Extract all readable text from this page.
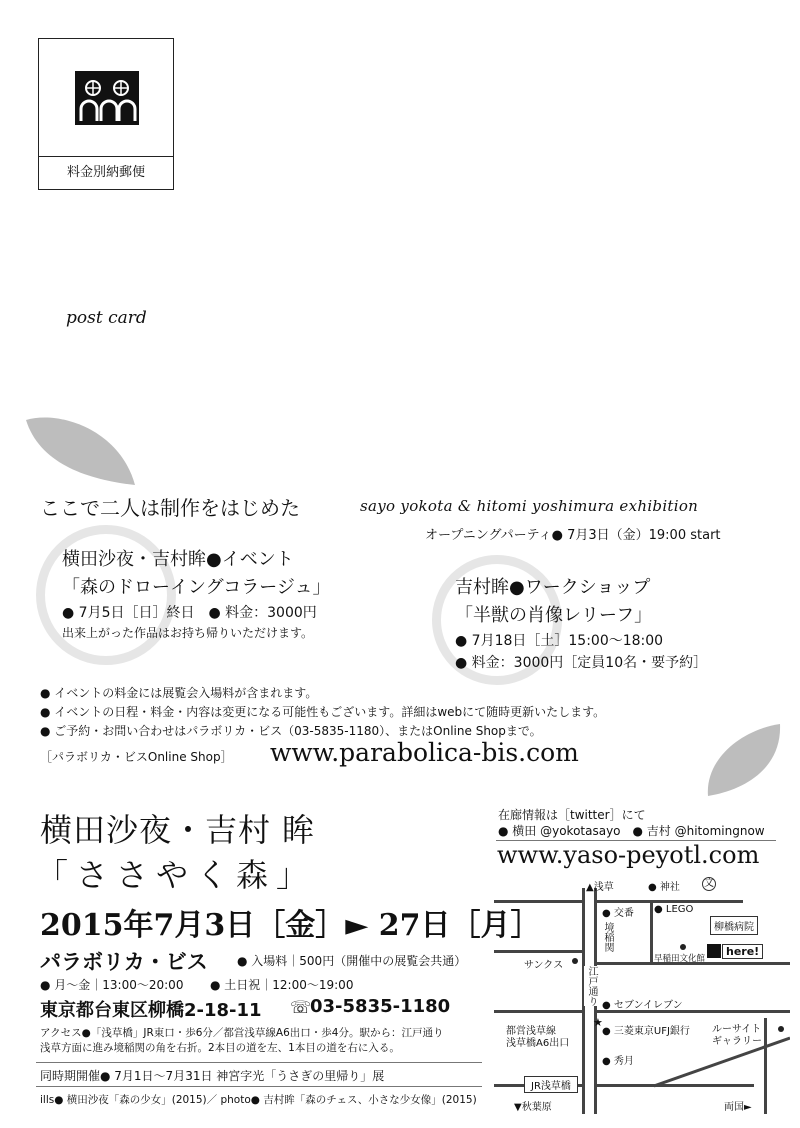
料金別納郵便
post card
ここで二人は制作をはじめた	sayo yokota & hitomi yoshimura exhibition
オープニングパーティ● 7月3日（金）19:00 start
横田沙夜・吉村眸●イベント
「森のドローイングコラージュ」
● 7月5日［日］終日　● 料金：3000円
出来上がった作品はお持ち帰りいただけます。
吉村眸●ワークショップ
「半獣の肖像レリーフ」
● 7月18日［土］15:00～18:00
● 料金：3000円［定員10名・要予約］
● イベントの料金には展覧会入場料が含まれます。
● イベントの日程・料金・内容は変更になる可能性もございます。詳細はwebにて随時更新いたします。
● ご予約・お問い合わせはパラボリカ・ビス（03-5835-1180）、またはOnline Shopまで。
［パラボリカ・ビスOnline Shop］ www.parabolica-bis.com
横田沙夜・吉村 眸
「ささやく森」
2015年7月3日［金］► 27日［月］
パラボリカ・ビス ● 入場料｜500円（開催中の展覧会共通）
● 月～金｜13:00～20:00 ● 土日祝｜12:00～19:00
東京都台東区柳橋2-18-11 ☏
03-5835-1180
アクセス●「浅草橋」JR東口・歩6分／都営浅草線A6出口・歩4分。駅から：江戸通り
浅草方面に進み境稲関の角を右折。2本目の道を左、1本目の道を右に入る。
同時期開催● 7月1日～7月31日 神宮字光「うさぎの里帰り」展
ills● 横田沙夜「森の少女」(2015)／ photo● 吉村眸「森のチェス、小さな少女像」(2015)
在廊情報は［twitter］にて
● 横田 @yokotasayo　● 吉村 @hitomingnow
www.yaso-peyotl.com
▲浅草	● 神社 文
● 交番 ● LEGO
柳橋病院
早稲田文化館
here!
境稲関
サンクス
江戸通り ● セブンイレブン
★
都営浅草線
浅草橋A6出口
● 三菱東京UFJ銀行 ルーサイト
ギャラリー
● 秀月
JR浅草橋
▼秋葉原	両国►
